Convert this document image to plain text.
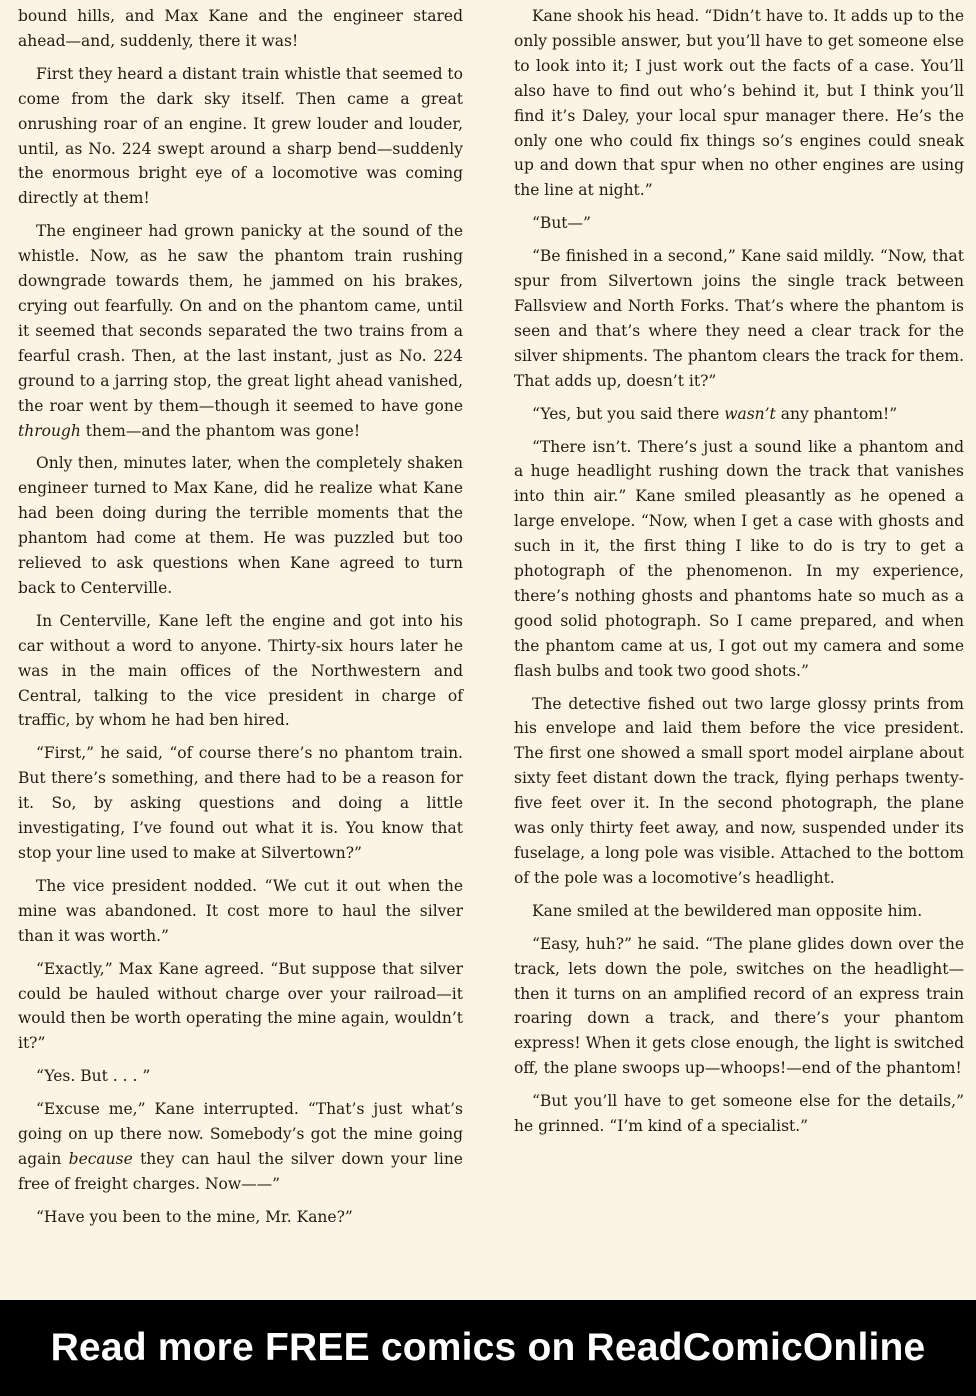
bound hills, and Max Kane and the engineer stared ahead—and, suddenly, there it was!

First they heard a distant train whistle that seemed to come from the dark sky itself. Then came a great onrushing roar of an engine. It grew louder and louder, until, as No. 224 swept around a sharp bend—suddenly the enormous bright eye of a locomotive was coming directly at them!

The engineer had grown panicky at the sound of the whistle. Now, as he saw the phantom train rushing downgrade towards them, he jammed on his brakes, crying out fearfully. On and on the phantom came, until it seemed that seconds separated the two trains from a fearful crash. Then, at the last instant, just as No. 224 ground to a jarring stop, the great light ahead vanished, the roar went by them—though it seemed to have gone through them—and the phantom was gone!

Only then, minutes later, when the completely shaken engineer turned to Max Kane, did he realize what Kane had been doing during the terrible moments that the phantom had come at them. He was puzzled but too relieved to ask questions when Kane agreed to turn back to Centerville.

In Centerville, Kane left the engine and got into his car without a word to anyone. Thirty-six hours later he was in the main offices of the Northwestern and Central, talking to the vice president in charge of traffic, by whom he had ben hired.

“First,” he said, “of course there’s no phantom train. But there’s something, and there had to be a reason for it. So, by asking questions and doing a little investigating, I’ve found out what it is. You know that stop your line used to make at Silvertown?”

The vice president nodded. “We cut it out when the mine was abandoned. It cost more to haul the silver than it was worth.”

“Exactly,” Max Kane agreed. “But suppose that silver could be hauled without charge over your railroad—it would then be worth operating the mine again, wouldn’t it?”

“Yes. But . . . ”

“Excuse me,” Kane interrupted. “That’s just what’s going on up there now. Somebody’s got the mine going again because they can haul the silver down your line free of freight charges. Now——”

“Have you been to the mine, Mr. Kane?”

Kane shook his head. “Didn’t have to. It adds up to the only possible answer, but you’ll have to get someone else to look into it; I just work out the facts of a case. You’ll also have to find out who’s behind it, but I think you’ll find it’s Daley, your local spur manager there. He’s the only one who could fix things so’s engines could sneak up and down that spur when no other engines are using the line at night.”

“But—”

“Be finished in a second,” Kane said mildly. “Now, that spur from Silvertown joins the single track between Fallsview and North Forks. That’s where the phantom is seen and that’s where they need a clear track for the silver shipments. The phantom clears the track for them. That adds up, doesn’t it?”

“Yes, but you said there wasn’t any phantom!”

“There isn’t. There’s just a sound like a phantom and a huge headlight rushing down the track that vanishes into thin air.” Kane smiled pleasantly as he opened a large envelope. “Now, when I get a case with ghosts and such in it, the first thing I like to do is try to get a photograph of the phenomenon. In my experience, there’s nothing ghosts and phantoms hate so much as a good solid photograph. So I came prepared, and when the phantom came at us, I got out my camera and some flash bulbs and took two good shots.”

The detective fished out two large glossy prints from his envelope and laid them before the vice president. The first one showed a small sport model airplane about sixty feet distant down the track, flying perhaps twenty-five feet over it. In the second photograph, the plane was only thirty feet away, and now, suspended under its fuselage, a long pole was visible. Attached to the bottom of the pole was a locomotive’s headlight.

Kane smiled at the bewildered man opposite him.

“Easy, huh?” he said. “The plane glides down over the track, lets down the pole, switches on the headlight—then it turns on an amplified record of an express train roaring down a track, and there’s your phantom express! When it gets close enough, the light is switched off, the plane swoops up—whoops!—end of the phantom!

“But you’ll have to get someone else for the details,” he grinned. “I’m kind of a specialist.”

Read more FREE comics on ReadComicOnline
